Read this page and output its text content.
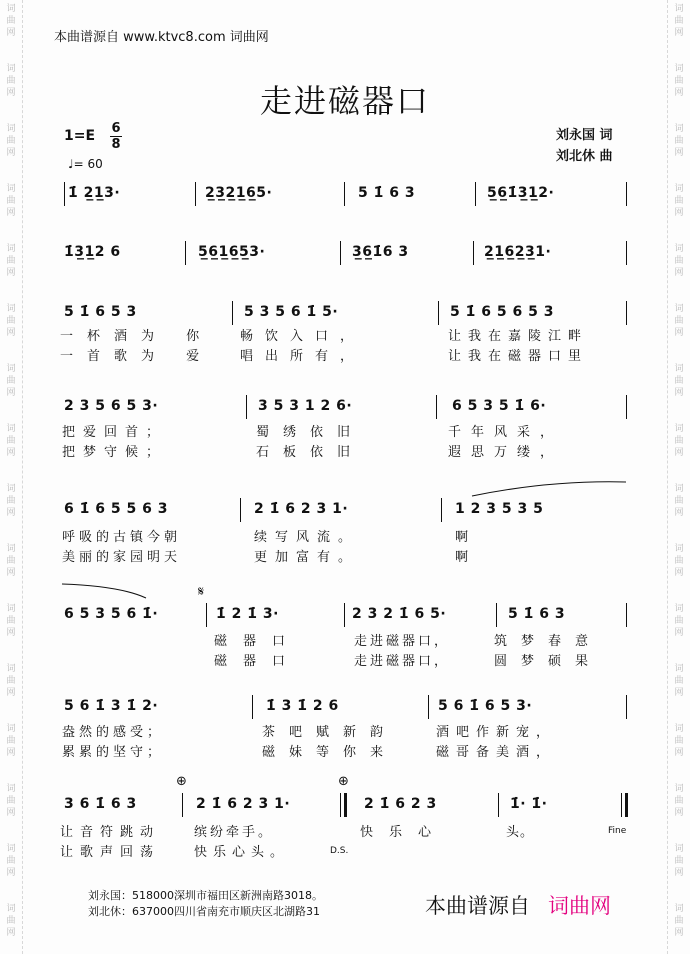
词
曲
网
词
曲
网
词
曲
网
词
曲
网
词
曲
网
词
曲
网
词
曲
网
词
曲
网
词
曲
网
词
曲
网
词
曲
网
词
曲
网
词
曲
网
词
曲
网
词
曲
网
词
曲
网
词
曲
网
词
曲
网
词
曲
网
词
曲
网
词
曲
网
词
曲
网
词
曲
网
词
曲
网
词
曲
网
词
曲
网
词
曲
网
词
曲
网
词
曲
网
词
曲
网
词
曲
网
词
曲
网
本曲谱源自 www.ktvc8.com 词曲网
走进磁器口
1=E 6
8
♩= 60
刘永国 词
刘北休 曲
1̇ 2̲1̲3·	2̲3̲2̲1̲6̲5·	5 1̇ 6 3	5̲6̲1̇3̲1̲2·
1̇3̲1̲2 6	5̲6̲1̲6̲5̲3·	3̲6̲1̇6 3	2̲1̲6̲2̲3̲1·
5 1̇ 6 5 3	5 3 5 6 1̇ 5·	5 1̇ 6 5 6 5 3
一杯酒为 你 畅饮入口，	让我在嘉陵江畔
一首歌为 爱 唱出所有，	让我在磁器口里
2 3 5 6 5 3·	3 5 3 1 2 6·	6 5 3 5 1̇ 6·
把爱回首；	蜀绣依旧	千年风采，
把梦守候；	石板依旧	遐思万缕，
6 1̇ 6 5 5 6 3	2 1̇ 6 2 3 1·	1 2 3 5 3 5
呼吸的古镇今朝	续写风流。	啊
美丽的家园明天	更加富有。	啊
𝄋
6 5 3 5 6 1̇·	1̇ 2 1̇ 3·	2 3 2 1̇ 6 5·	5 1̇ 6 3
磁器口	走进磁器口，	筑梦春意
磁器口	走进磁器口，	圆梦硕果
5 6 1̇ 3 1̇ 2·	1̇ 3 1̇ 2 6	5 6 1̇ 6 5 3·
盎然的感受；	茶吧赋新韵	酒吧作新宠，
累累的坚守；	磁妹等你来	磁哥备美酒，
⊕	⊕
3 6 1̇ 6 3	2 1̇ 6 2 3 1·	2 1̇ 6 2 3	1̇· 1̇·
让音符跳动	缤纷牵手。	快乐心	头。
让歌声回荡	快乐心头。	D.S.
Fine
刘永国：518000深圳市福田区新洲南路3018。
刘北休：637000四川省南充市顺庆区北湖路31	本曲谱源自 词曲网
